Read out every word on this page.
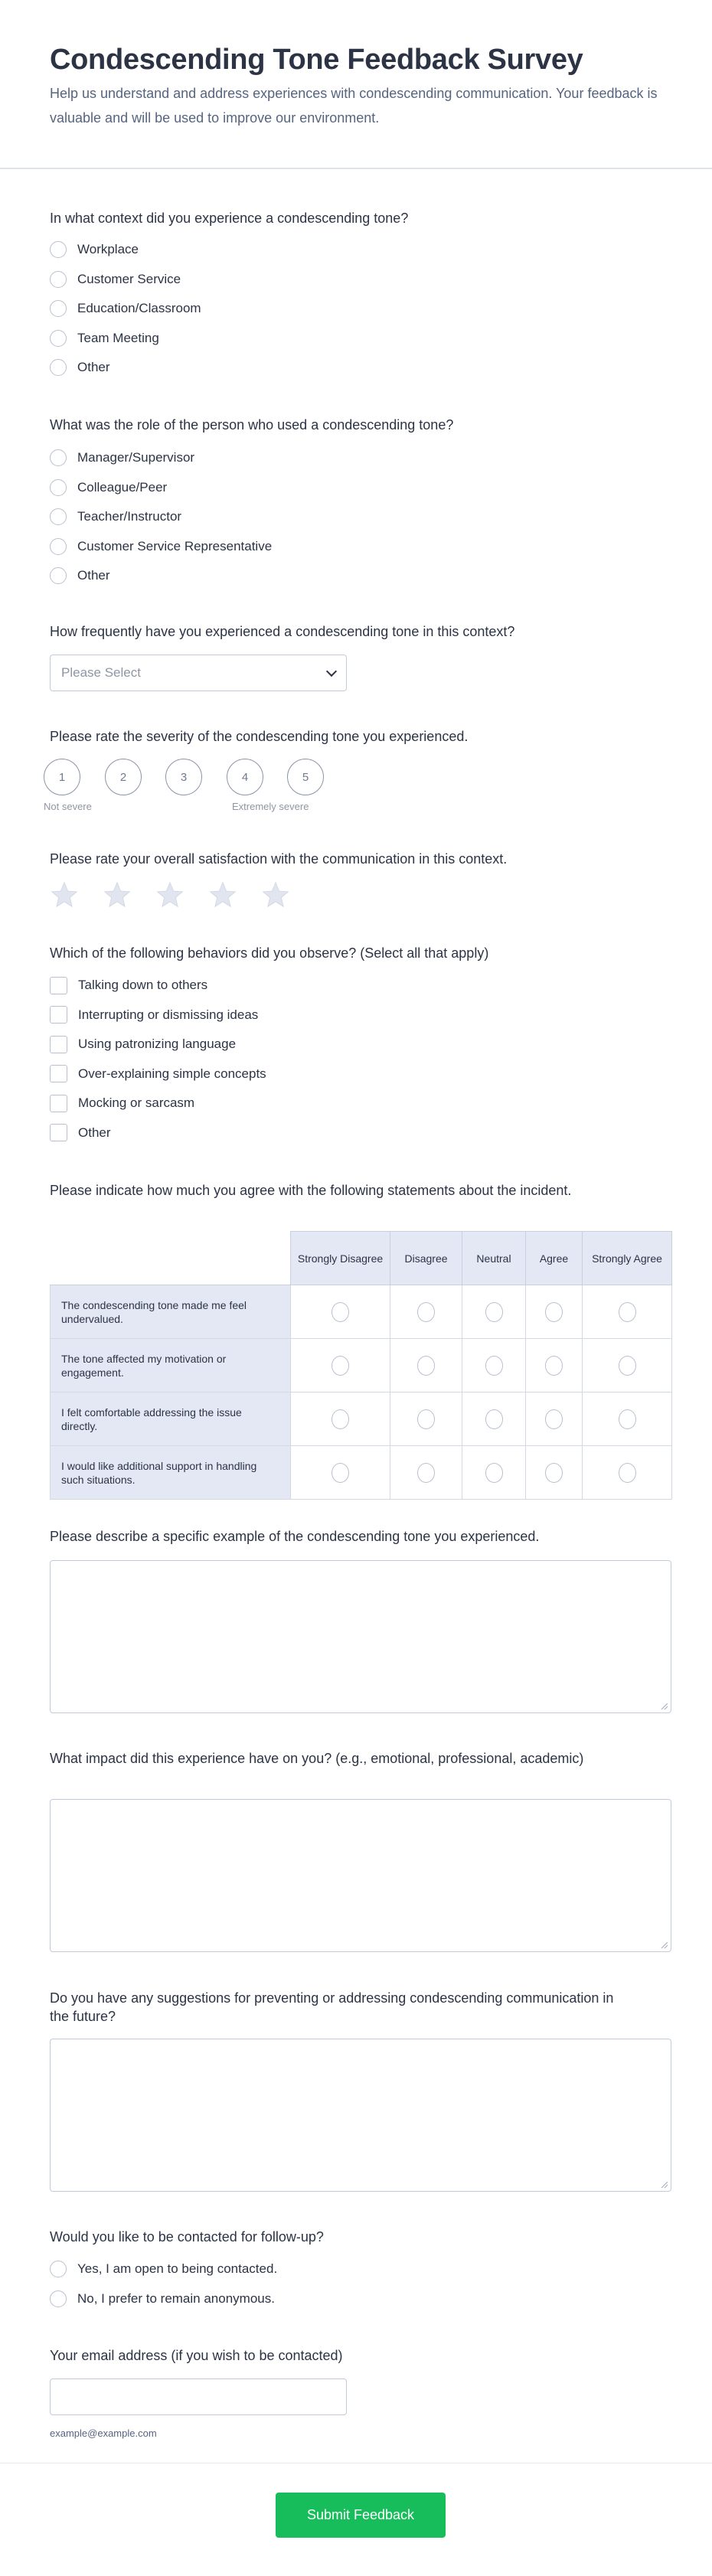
Condescending Tone Feedback Survey
Help us understand and address experiences with condescending communication. Your feedback is valuable and will be used to improve our environment.
In what context did you experience a condescending tone?
Workplace
Customer Service
Education/Classroom
Team Meeting
Other
What was the role of the person who used a condescending tone?
Manager/Supervisor
Colleague/Peer
Teacher/Instructor
Customer Service Representative
Other
How frequently have you experienced a condescending tone in this context?
Please Select
Please rate the severity of the condescending tone you experienced.
1	2	3	4	5
Not severe	Extremely severe
Please rate your overall satisfaction with the communication in this context.
Which of the following behaviors did you observe? (Select all that apply)
Talking down to others
Interrupting or dismissing ideas
Using patronizing language
Over-explaining simple concepts
Mocking or sarcasm
Other
Please indicate how much you agree with the following statements about the incident.
	Strongly Disagree	Disagree	Neutral	Agree	Strongly Agree
The condescending tone made me feel undervalued.					
The tone affected my motivation or engagement.					
I felt comfortable addressing the issue directly.					
I would like additional support in handling such situations.					
Please describe a specific example of the condescending tone you experienced.
What impact did this experience have on you? (e.g., emotional, professional, academic)
Do you have any suggestions for preventing or addressing condescending communication in the future?
Would you like to be contacted for follow-up?
Yes, I am open to being contacted.
No, I prefer to remain anonymous.
Your email address (if you wish to be contacted)
example@example.com
Submit Feedback
